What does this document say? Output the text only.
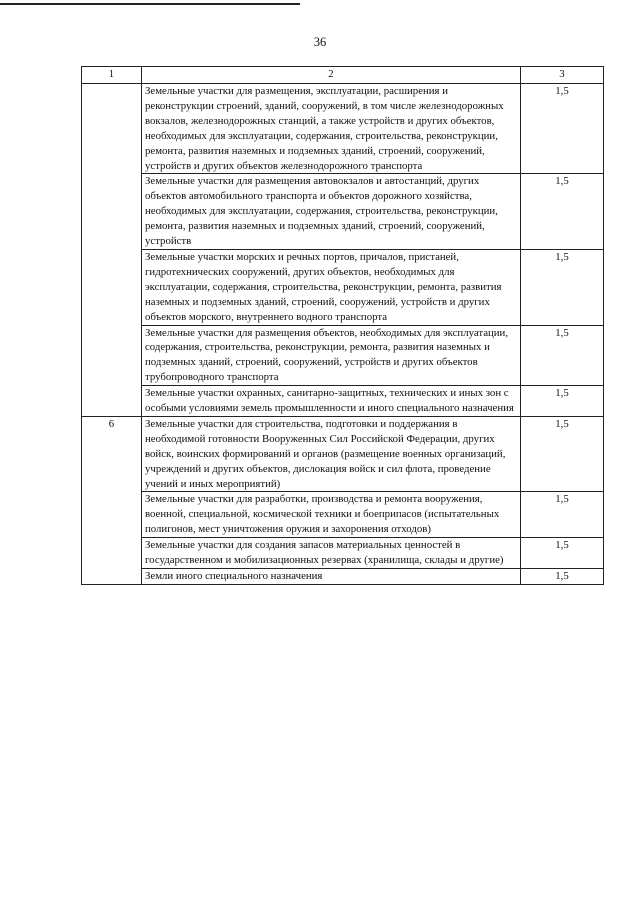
36
1	2	3
	Земельные участки для размещения, эксплуатации, расширения и реконструкции строений, зданий, сооружений, в том числе железнодорожных вокзалов, железнодорожных станций, а также устройств и других объектов, необходимых для эксплуатации, содержания, строительства, реконструкции, ремонта, развития наземных и подземных зданий, строений, сооружений, устройств и других объектов железнодорожного транспорта	1,5
	Земельные участки для размещения автовокзалов и автостанций, других объектов автомобильного транспорта и объектов дорожного хозяйства, необходимых для эксплуатации, содержания, строительства, реконструкции, ремонта, развития наземных и подземных зданий, строений, сооружений, устройств	1,5
	Земельные участки морских и речных портов, причалов, пристаней, гидротехнических сооружений, других объектов, необходимых для эксплуатации, содержания, строительства, реконструкции, ремонта, развития наземных и подземных зданий, строений, сооружений, устройств и других объектов морского, внутреннего водного транспорта	1,5
	Земельные участки для размещения объектов, необходимых для эксплуатации, содержания, строительства, реконструкции, ремонта, развития наземных и подземных зданий, строений, сооружений, устройств и других объектов трубопроводного транспорта	1,5
	Земельные участки охранных, санитарно-защитных, технических и иных зон с особыми условиями земель промышленности и иного специального назначения	1,5
6	Земельные участки для строительства, подготовки и поддержания в необходимой готовности Вооруженных Сил Российской Федерации, других войск, воинских формирований и органов (размещение военных организаций, учреждений и других объектов, дислокация войск и сил флота, проведение учений и иных мероприятий)	1,5
	Земельные участки для разработки, производства и ремонта вооружения, военной, специальной, космической техники и боеприпасов (испытательных полигонов, мест уничтожения оружия и захоронения отходов)	1,5
	Земельные участки для создания запасов материальных ценностей в государственном и мобилизационных резервах (хранилища, склады и другие)	1,5
	Земли иного специального назначения	1,5
